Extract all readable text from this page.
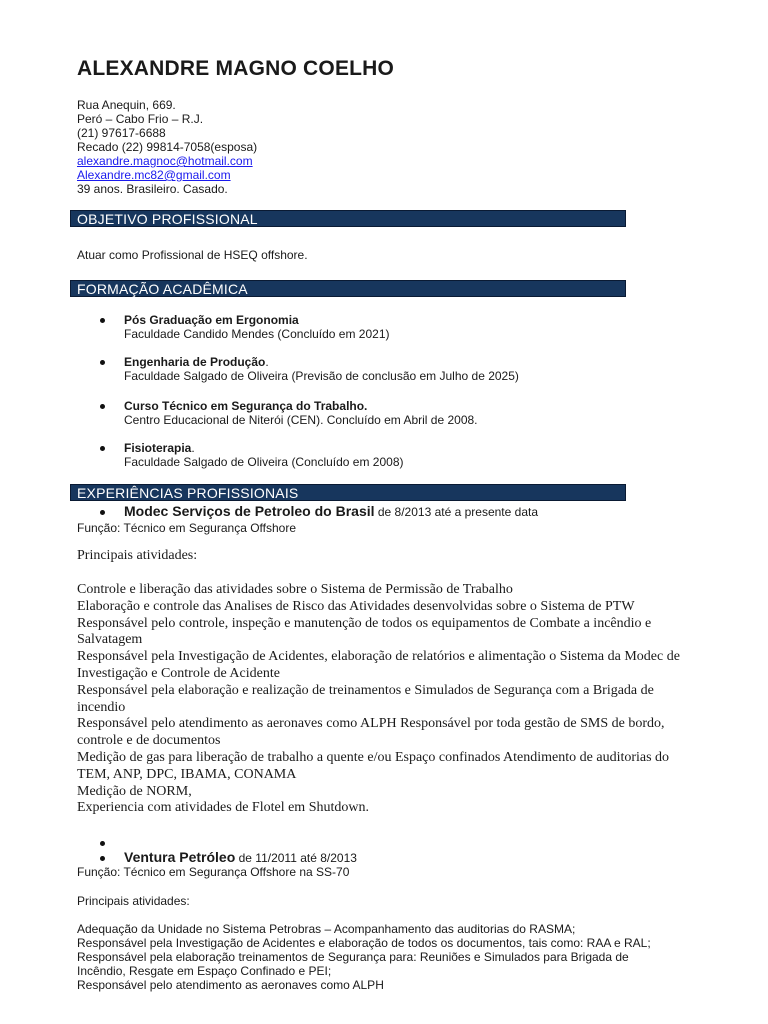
ALEXANDRE MAGNO COELHO
Rua Anequin, 669.
Peró – Cabo Frio – R.J.
(21) 97617-6688
Recado (22) 99814-7058(esposa)
alexandre.magnoc@hotmail.com
Alexandre.mc82@gmail.com
39 anos. Brasileiro. Casado.
OBJETIVO PROFISSIONAL
Atuar como Profissional de HSEQ offshore.
FORMAÇÃO ACADÊMICA
Pós Graduação em Ergonomia
Faculdade Candido Mendes (Concluído em 2021)
Engenharia de Produção.
Faculdade Salgado de Oliveira (Previsão de conclusão em Julho de 2025)
Curso Técnico em Segurança do Trabalho.
Centro Educacional de Niterói (CEN). Concluído em Abril de 2008.
Fisioterapia.
Faculdade Salgado de Oliveira (Concluído em 2008)
EXPERIÊNCIAS PROFISSIONAIS
Modec Serviços de Petroleo do Brasil de 8/2013 até a presente data
Função: Técnico em Segurança Offshore
Principais atividades:
Controle e liberação das atividades sobre o Sistema de Permissão de Trabalho
Elaboração e controle das Analises de Risco das Atividades desenvolvidas sobre o Sistema de PTW
Responsável pelo controle, inspeção e manutenção de todos os equipamentos de Combate a incêndio e Salvatagem
Responsável pela Investigação de Acidentes, elaboração de relatórios e alimentação o Sistema da Modec de Investigação e Controle de Acidente
Responsável pela elaboração e realização de treinamentos e Simulados de Segurança com a Brigada de incendio
Responsável pelo atendimento as aeronaves como ALPH Responsável por toda gestão de SMS de bordo, controle e de documentos
Medição de gas para liberação de trabalho a quente e/ou Espaço confinados Atendimento de auditorias do TEM, ANP, DPC, IBAMA, CONAMA
Medição de NORM,
Experiencia com atividades de Flotel em Shutdown.
Ventura Petróleo de 11/2011 até 8/2013
Função: Técnico em Segurança Offshore na SS-70
Principais atividades:
Adequação da Unidade no Sistema Petrobras – Acompanhamento das auditorias do RASMA;
Responsável pela Investigação de Acidentes e elaboração de todos os documentos, tais como: RAA e RAL;
Responsável pela elaboração treinamentos de Segurança para: Reuniões e Simulados para Brigada de Incêndio, Resgate em Espaço Confinado e PEI;
Responsável pelo atendimento as aeronaves como ALPH
